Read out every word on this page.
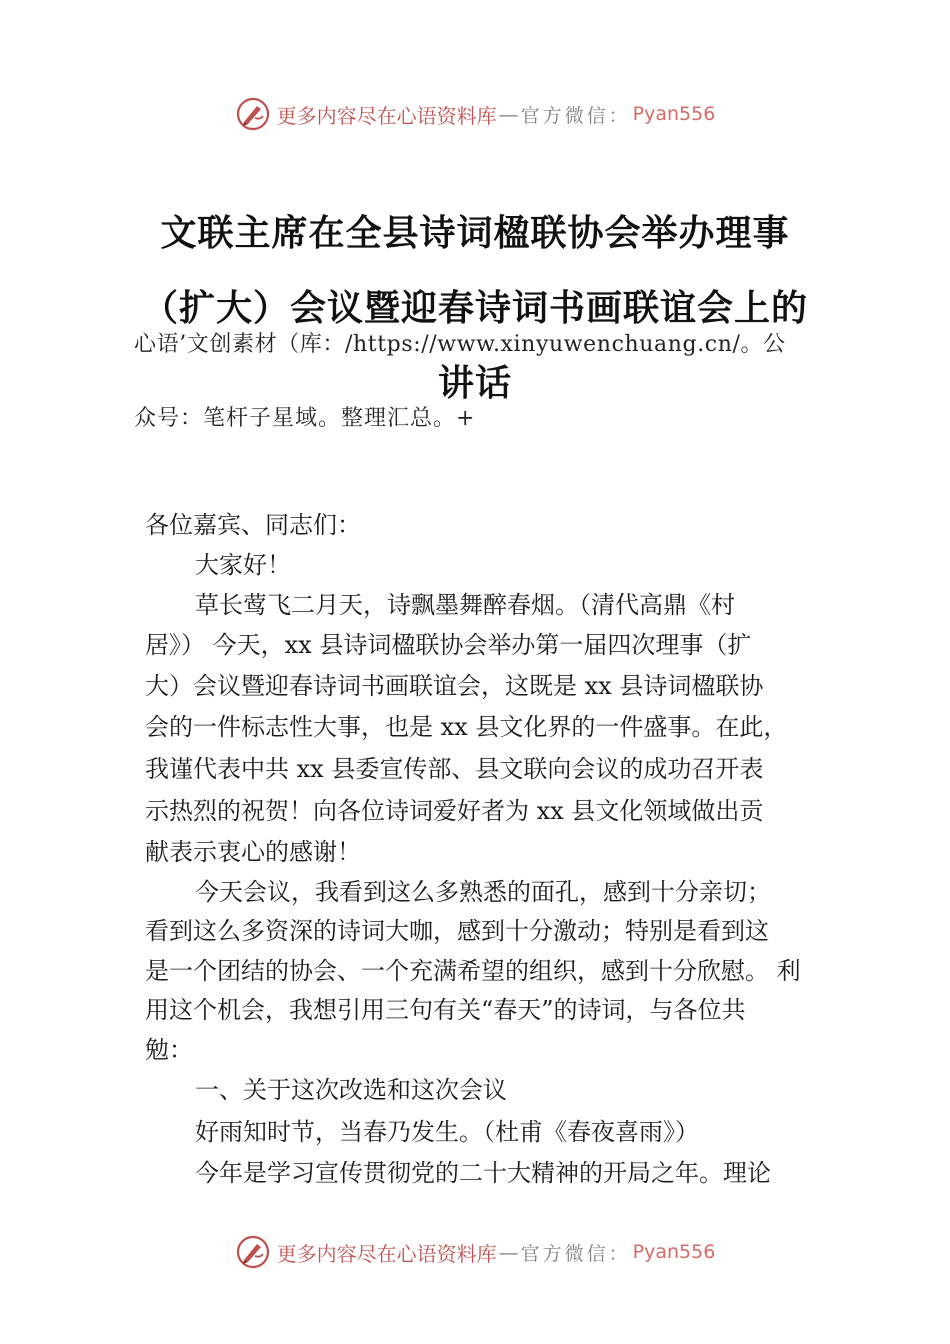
更多内容尽在心语资料库 — 官方微信： Pyan556
文联主席在全县诗词楹联协会举办理事
（扩大）会议暨迎春诗词书画联谊会上的
心语’文创素材（库：/https://www.xinyuwenchuang.cn/。公
讲话
众号：笔杆子星域。整理汇总。+
各位嘉宾、同志们：
大家好！
草长莺飞二月天，诗飘墨舞醉春烟。（清代高鼎《村
居》） 今天，xx 县诗词楹联协会举办第一届四次理事（扩
大）会议暨迎春诗词书画联谊会，这既是 xx 县诗词楹联协
会的一件标志性大事，也是 xx 县文化界的一件盛事。在此，
我谨代表中共 xx 县委宣传部、县文联向会议的成功召开表
示热烈的祝贺！向各位诗词爱好者为 xx 县文化领域做出贡
献表示衷心的感谢！
今天会议，我看到这么多熟悉的面孔，感到十分亲切；
看到这么多资深的诗词大咖，感到十分激动；特别是看到这
是一个团结的协会、一个充满希望的组织，感到十分欣慰。 利
用这个机会，我想引用三句有关“春天”的诗词，与各位共
勉：
一、关于这次改选和这次会议
好雨知时节，当春乃发生。（杜甫《春夜喜雨》）
今年是学习宣传贯彻党的二十大精神的开局之年。理论
更多内容尽在心语资料库 — 官方微信： Pyan556
